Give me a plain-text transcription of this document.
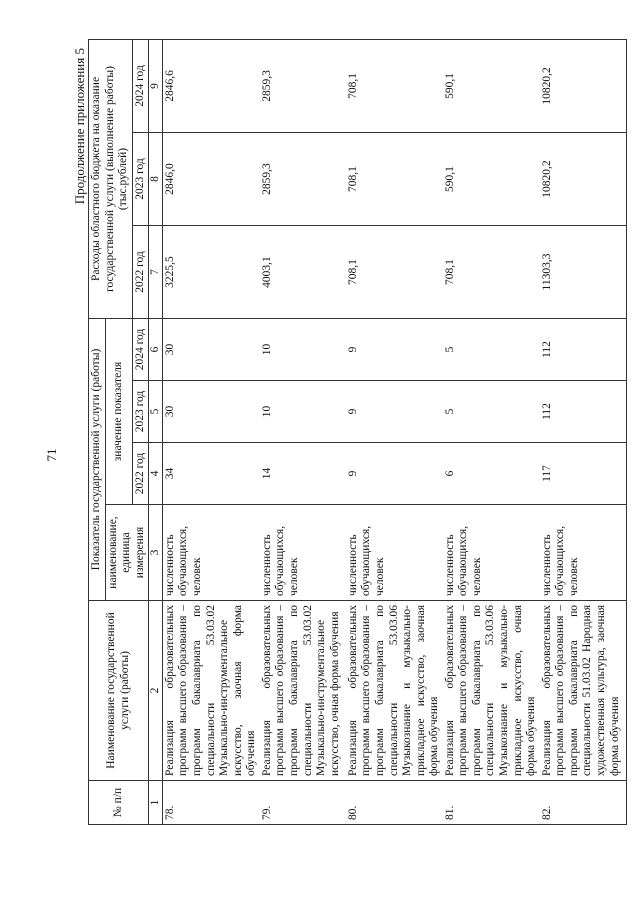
71
Продолжение приложения 5
№ п/п	Наименование государственной услуги (работы)	Показатель государственной услуги (работы)				Расходы областного бюджета на оказание государственной услуги (выполнение работы) (тыс.рублей)		
		наименование, единица измерения	значение показателя					
			2022 год	2023 год	2024 год	2022 год	2023 год	2024 год
1	2	3	4	5	6	7	8	9
78.	Реализация образовательных программ высшего образования – программ бакалавриата по специальности 53.03.02 Музыкально-инструментальное искусство, заочная форма обучения	численность обучающихся, человек	34	30	30	3225,5	2846,0	2846,6
79.	Реализация образовательных программ высшего образования – программ бакалавриата по специальности 53.03.02 Музыкально-инструментальное искусство, очная форма обучения	численность обучающихся, человек	14	10	10	4003,1	2859,3	2859,3
80.	Реализация образовательных программ высшего образования – программ бакалавриата по специальности 53.03.06 Музыкознание и музыкально-прикладное искусство, заочная форма обучения	численность обучающихся, человек	9	9	9	708,1	708,1	708,1
81.	Реализация образовательных программ высшего образования – программ бакалавриата по специальности 53.03.06 Музыкознание и музыкально-прикладное искусство, очная форма обучения	численность обучающихся, человек	6	5	5	708,1	590,1	590,1
82.	Реализация образовательных программ высшего образования – программ бакалавриата по специальности 51.03.02 Народная художественная культура, заочная форма обучения	численность обучающихся, человек	117	112	112	11303,3	10820,2	10820,2
